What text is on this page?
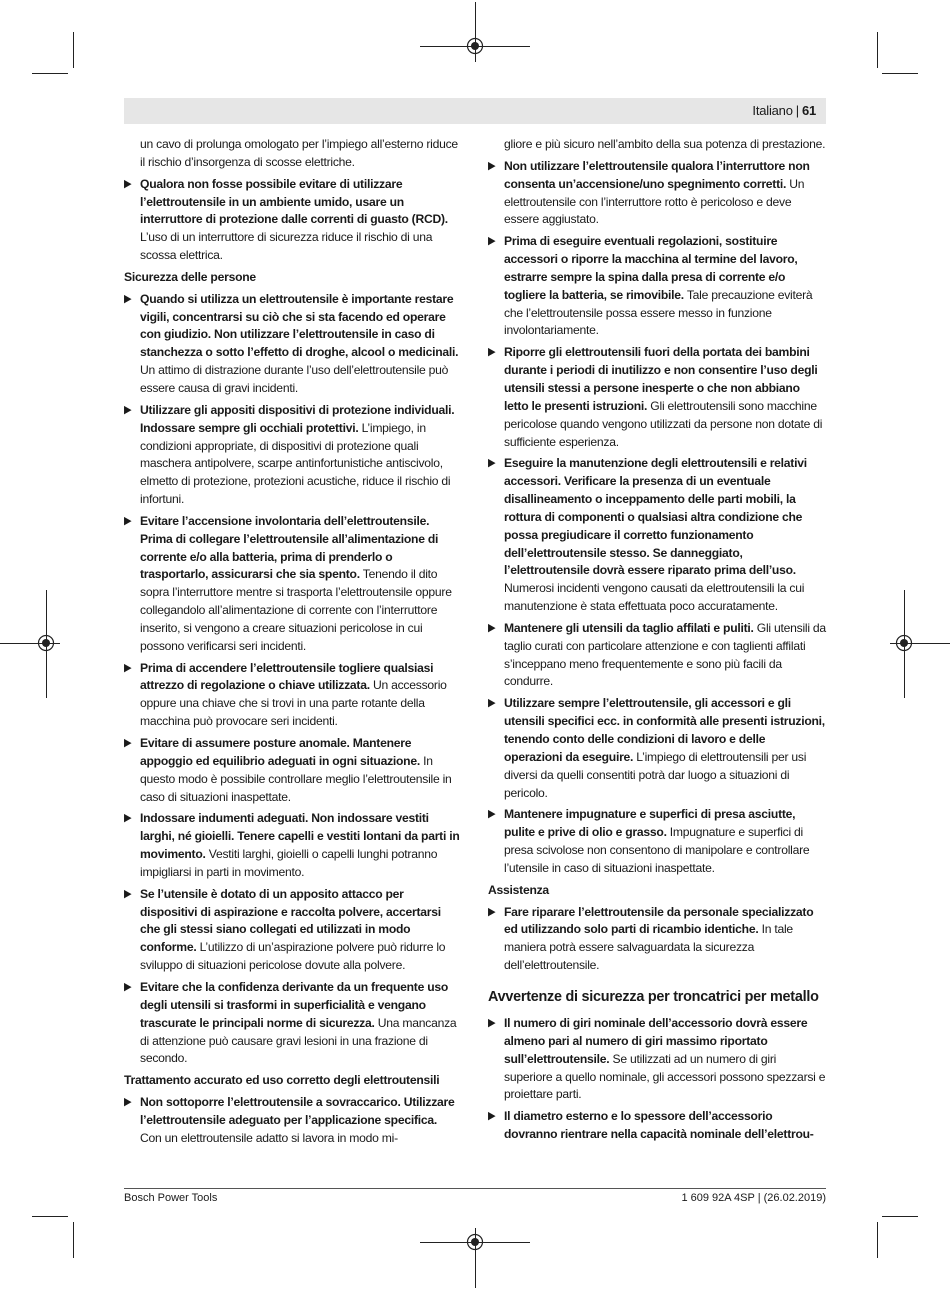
Italiano | 61

un cavo di prolunga omologato per l’impiego all’esterno riduce il rischio d’insorgenza di scosse elettriche.

▶ Qualora non fosse possibile evitare di utilizzare l’elettroutensile in un ambiente umido, usare un interruttore di protezione dalle correnti di guasto (RCD). L’uso di un interruttore di sicurezza riduce il rischio di una scossa elettrica.

Sicurezza delle persone

▶ Quando si utilizza un elettroutensile è importante restare vigili, concentrarsi su ciò che si sta facendo ed operare con giudizio. Non utilizzare l’elettroutensile in caso di stanchezza o sotto l’effetto di droghe, alcool o medicinali. Un attimo di distrazione durante l’uso dell’elettroutensile può essere causa di gravi incidenti.

▶ Utilizzare gli appositi dispositivi di protezione individuali. Indossare sempre gli occhiali protettivi. L’impiego, in condizioni appropriate, di dispositivi di protezione quali maschera antipolvere, scarpe antinfortunistiche antiscivolo, elmetto di protezione, protezioni acustiche, riduce il rischio di infortuni.

▶ Evitare l’accensione involontaria dell’elettroutensile. Prima di collegare l’elettroutensile all’alimentazione di corrente e/o alla batteria, prima di prenderlo o trasportarlo, assicurarsi che sia spento. Tenendo il dito sopra l’interruttore mentre si trasporta l’elettroutensile oppure collegandolo all’alimentazione di corrente con l’interruttore inserito, si vengono a creare situazioni pericolose in cui possono verificarsi seri incidenti.

▶ Prima di accendere l’elettroutensile togliere qualsiasi attrezzo di regolazione o chiave utilizzata. Un accessorio oppure una chiave che si trovi in una parte rotante della macchina può provocare seri incidenti.

▶ Evitare di assumere posture anomale. Mantenere appoggio ed equilibrio adeguati in ogni situazione. In questo modo è possibile controllare meglio l’elettroutensile in caso di situazioni inaspettate.

▶ Indossare indumenti adeguati. Non indossare vestiti larghi, né gioielli. Tenere capelli e vestiti lontani da parti in movimento. Vestiti larghi, gioielli o capelli lunghi potranno impigliarsi in parti in movimento.

▶ Se l’utensile è dotato di un apposito attacco per dispositivi di aspirazione e raccolta polvere, accertarsi che gli stessi siano collegati ed utilizzati in modo conforme. L’utilizzo di un’aspirazione polvere può ridurre lo sviluppo di situazioni pericolose dovute alla polvere.

▶ Evitare che la confidenza derivante da un frequente uso degli utensili si trasformi in superficialità e vengano trascurate le principali norme di sicurezza. Una mancanza di attenzione può causare gravi lesioni in una frazione di secondo.

Trattamento accurato ed uso corretto degli elettroutensili

▶ Non sottoporre l’elettroutensile a sovraccarico. Utilizzare l’elettroutensile adeguato per l’applicazione specifica. Con un elettroutensile adatto si lavora in modo mi-

gliore e più sicuro nell’ambito della sua potenza di prestazione.

▶ Non utilizzare l’elettroutensile qualora l’interruttore non consenta un’accensione/uno spegnimento corretti. Un elettroutensile con l’interruttore rotto è pericoloso e deve essere aggiustato.

▶ Prima di eseguire eventuali regolazioni, sostituire accessori o riporre la macchina al termine del lavoro, estrarre sempre la spina dalla presa di corrente e/o togliere la batteria, se rimovibile. Tale precauzione eviterà che l’elettroutensile possa essere messo in funzione involontariamente.

▶ Riporre gli elettroutensili fuori della portata dei bambini durante i periodi di inutilizzo e non consentire l’uso degli utensili stessi a persone inesperte o che non abbiano letto le presenti istruzioni. Gli elettroutensili sono macchine pericolose quando vengono utilizzati da persone non dotate di sufficiente esperienza.

▶ Eseguire la manutenzione degli elettroutensili e relativi accessori. Verificare la presenza di un eventuale disallineamento o inceppamento delle parti mobili, la rottura di componenti o qualsiasi altra condizione che possa pregiudicare il corretto funzionamento dell’elettroutensile stesso. Se danneggiato, l’elettroutensile dovrà essere riparato prima dell’uso. Numerosi incidenti vengono causati da elettroutensili la cui manutenzione è stata effettuata poco accuratamente.

▶ Mantenere gli utensili da taglio affilati e puliti. Gli utensili da taglio curati con particolare attenzione e con taglienti affilati s’inceppano meno frequentemente e sono più facili da condurre.

▶ Utilizzare sempre l’elettroutensile, gli accessori e gli utensili specifici ecc. in conformità alle presenti istruzioni, tenendo conto delle condizioni di lavoro e delle operazioni da eseguire. L’impiego di elettroutensili per usi diversi da quelli consentiti potrà dar luogo a situazioni di pericolo.

▶ Mantenere impugnature e superfici di presa asciutte, pulite e prive di olio e grasso. Impugnature e superfici di presa scivolose non consentono di manipolare e controllare l’utensile in caso di situazioni inaspettate.

Assistenza

▶ Fare riparare l’elettroutensile da personale specializzato ed utilizzando solo parti di ricambio identiche. In tale maniera potrà essere salvaguardata la sicurezza dell’elettroutensile.

Avvertenze di sicurezza per troncatrici per metallo

▶ Il numero di giri nominale dell’accessorio dovrà essere almeno pari al numero di giri massimo riportato sull’elettroutensile. Se utilizzati ad un numero di giri superiore a quello nominale, gli accessori possono spezzarsi e proiettare parti.

▶ Il diametro esterno e lo spessore dell’accessorio dovranno rientrare nella capacità nominale dell’elettrou-

Bosch Power Tools	1 609 92A 4SP | (26.02.2019)
